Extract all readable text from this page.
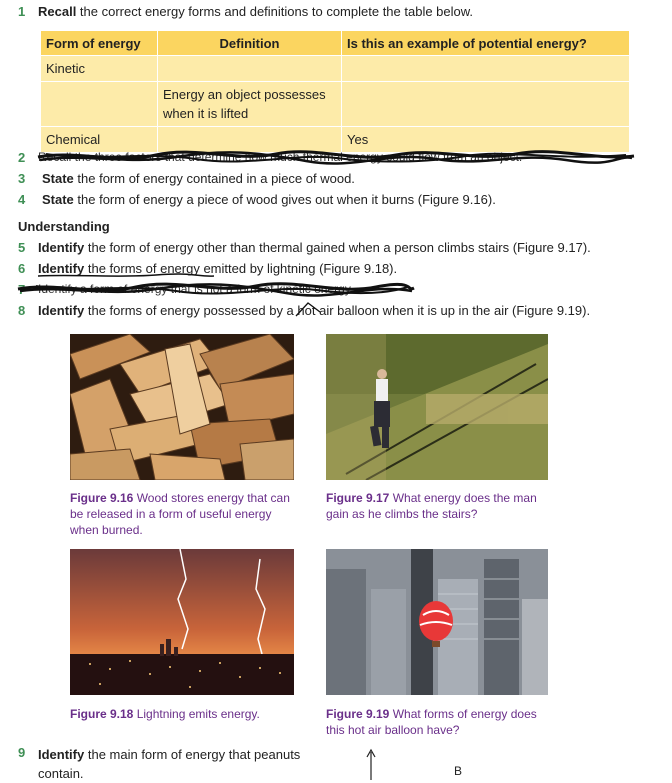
1 Recall the correct energy forms and definitions to complete the table below.
Form of energy	Definition	Is this an example of potential energy?
Kinetic		
	Energy an object possesses when it is lifted	
Chemical		Yes
2 Recall the three factors that determine how much thermal energy could flow from an object.
3 State the form of energy contained in a piece of wood.
4 State the form of energy a piece of wood gives out when it burns (Figure 9.16).
Understanding
5 Identify the form of energy other than thermal gained when a person climbs stairs (Figure 9.17).
6 Identify the forms of energy emitted by lightning (Figure 9.18).
7 Identify a form of energy that is not a form of kinetic energy.
8 Identify the forms of energy possessed by a hot air balloon when it is up in the air (Figure 9.19).
Figure 9.16 Wood stores energy that can be released in a form of useful energy when burned.
Figure 9.17 What energy does the man gain as he climbs the stairs?
Figure 9.18 Lightning emits energy.	Figure 9.19 What forms of energy does this hot air balloon have?
9 Identify the main form of energy that peanuts contain.	B
